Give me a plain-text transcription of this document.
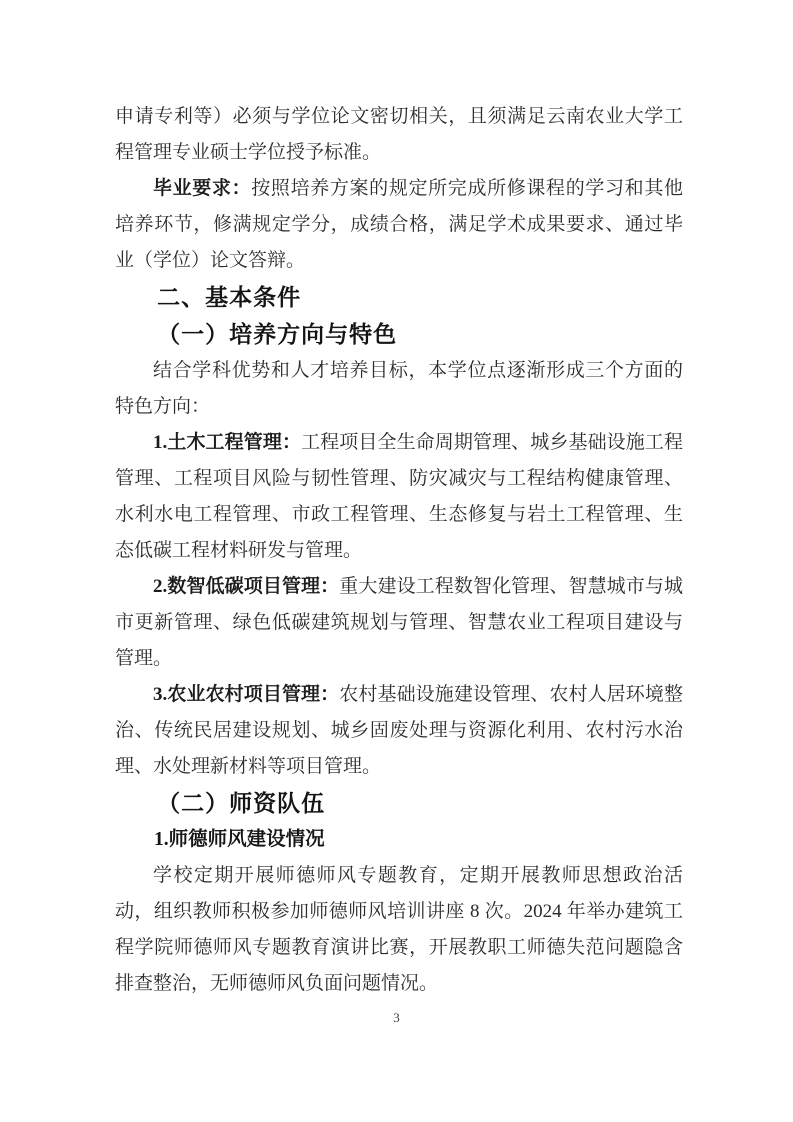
申请专利等）必须与学位论文密切相关，且须满足云南农业大学工程管理专业硕士学位授予标准。

毕业要求：按照培养方案的规定所完成所修课程的学习和其他培养环节，修满规定学分，成绩合格，满足学术成果要求、通过毕业（学位）论文答辩。

二、基本条件
（一）培养方向与特色

结合学科优势和人才培养目标，本学位点逐渐形成三个方面的特色方向：

1.土木工程管理：工程项目全生命周期管理、城乡基础设施工程管理、工程项目风险与韧性管理、防灾减灾与工程结构健康管理、水利水电工程管理、市政工程管理、生态修复与岩土工程管理、生态低碳工程材料研发与管理。

2.数智低碳项目管理：重大建设工程数智化管理、智慧城市与城市更新管理、绿色低碳建筑规划与管理、智慧农业工程项目建设与管理。

3.农业农村项目管理：农村基础设施建设管理、农村人居环境整治、传统民居建设规划、城乡固废处理与资源化利用、农村污水治理、水处理新材料等项目管理。

（二）师资队伍
1.师德师风建设情况

学校定期开展师德师风专题教育，定期开展教师思想政治活动，组织教师积极参加师德师风培训讲座 8 次。2024 年举办建筑工程学院师德师风专题教育演讲比赛，开展教职工师德失范问题隐含排查整治，无师德师风负面问题情况。

3
